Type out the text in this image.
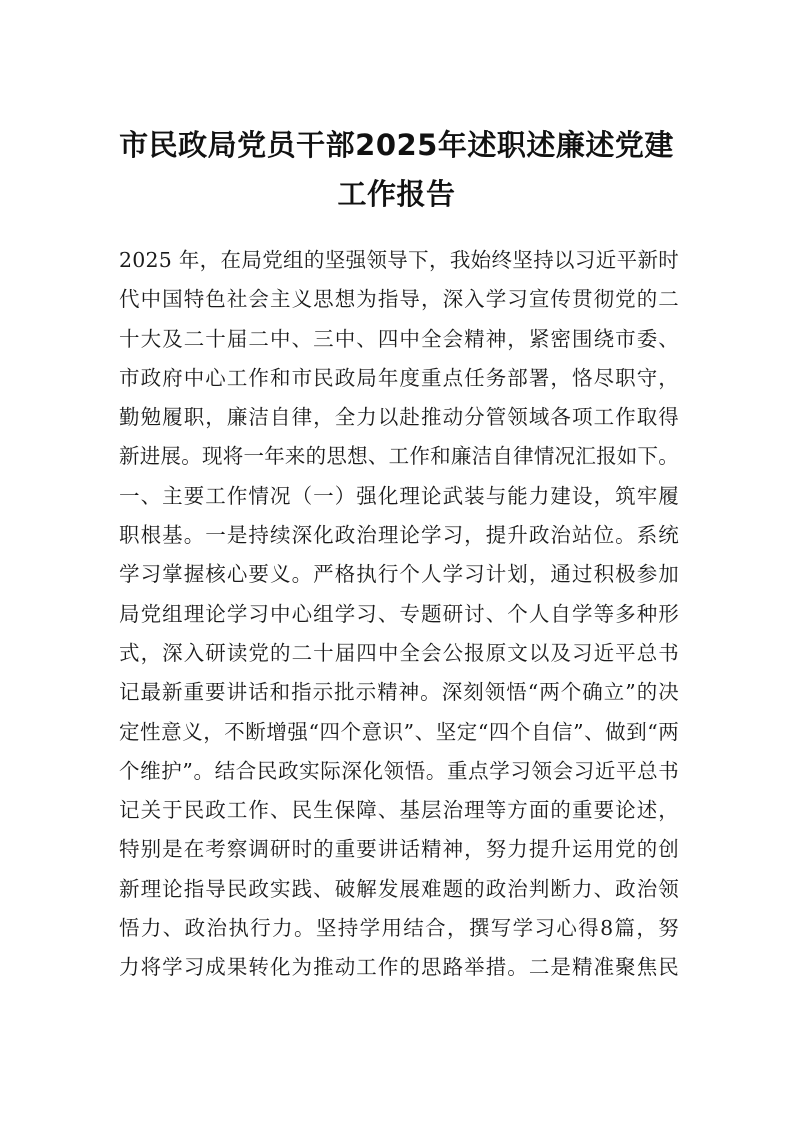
市民政局党员干部2025年述职述廉述党建
工作报告
2025 年，在局党组的坚强领导下，我始终坚持以习近平新时
代中国特色社会主义思想为指导，深入学习宣传贯彻党的二
十大及二十届二中、三中、四中全会精神，紧密围绕市委、
市政府中心工作和市民政局年度重点任务部署，恪尽职守，
勤勉履职，廉洁自律，全力以赴推动分管领域各项工作取得
新进展。现将一年来的思想、工作和廉洁自律情况汇报如下。
一、主要工作情况（一）强化理论武装与能力建设，筑牢履
职根基。一是持续深化政治理论学习，提升政治站位。系统
学习掌握核心要义。严格执行个人学习计划，通过积极参加
局党组理论学习中心组学习、专题研讨、个人自学等多种形
式，深入研读党的二十届四中全会公报原文以及习近平总书
记最新重要讲话和指示批示精神。深刻领悟“两个确立”的决
定性意义，不断增强“四个意识”、坚定“四个自信”、做到“两
个维护”。结合民政实际深化领悟。重点学习领会习近平总书
记关于民政工作、民生保障、基层治理等方面的重要论述，
特别是在考察调研时的重要讲话精神，努力提升运用党的创
新理论指导民政实践、破解发展难题的政治判断力、政治领
悟力、政治执行力。坚持学用结合，撰写学习心得8篇，努
力将学习成果转化为推动工作的思路举措。二是精准聚焦民
